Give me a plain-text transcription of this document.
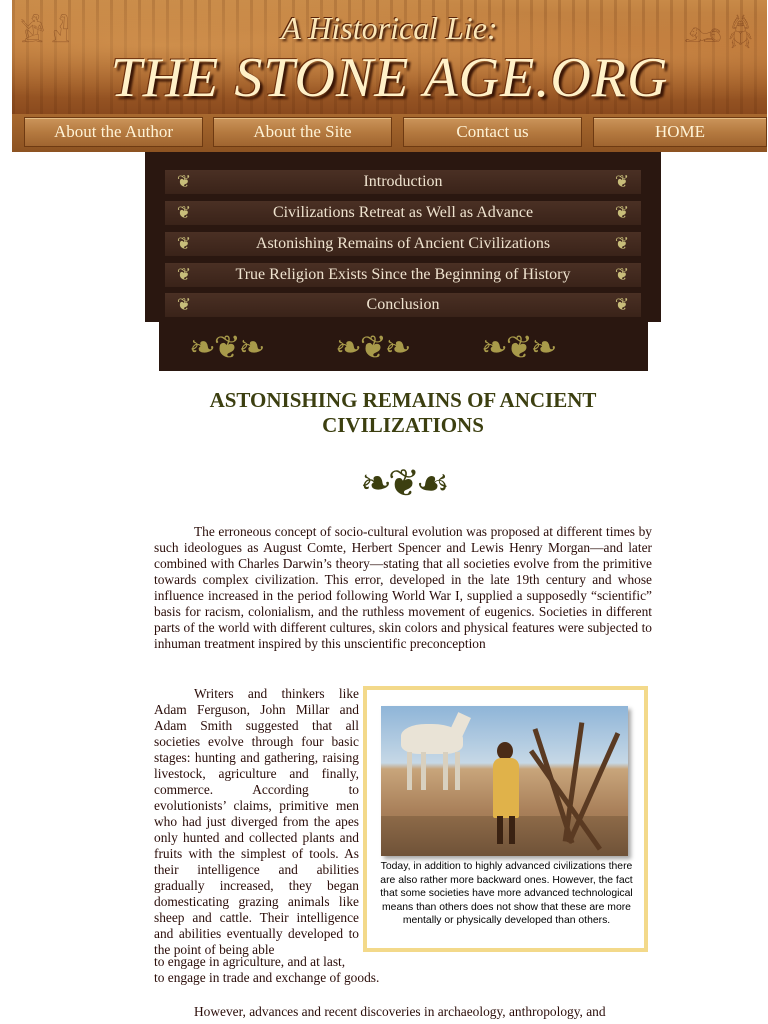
𓀀𓁐	𓃭𓆣
A Historical Lie:
THE STONE AGE.ORG
About the Author	About the Site	Contact us	HOME
❦	Introduction	❦
❦	Civilizations Retreat as Well as Advance	❦
❦	Astonishing Remains of Ancient Civilizations	❦
❦	True Religion Exists Since the Beginning of History	❦
❦	Conclusion	❦
❧❦❧ ❧❦❧ ❧❦❧
ASTONISHING REMAINS OF ANCIENT
CIVILIZATIONS
❧❦☙

The erroneous concept of socio-cultural evolution was proposed at different times by such ideologues as August Comte, Herbert Spencer and Lewis Henry Morgan—and later combined with Charles Darwin’s theory—stating that all societies evolve from the primitive towards complex civilization. This error, developed in the late 19th century and whose influence increased in the period following World War I, supplied a supposedly “scientific” basis for racism, colonialism, and the ruthless movement of eugenics. Societies in different parts of the world with different cultures, skin colors and physical features were subjected to inhuman treatment inspired by this unscientific preconception

Writers and thinkers like Adam Ferguson, John Millar and Adam Smith suggested that all societies evolve through four basic stages: hunting and gathering, raising livestock, agriculture and finally, commerce. According to evolutionists’ claims, primitive men who had just diverged from the apes only hunted and collected plants and fruits with the simplest of tools. As their intelligence and abilities gradually increased, they began domesticating grazing animals like sheep and cattle. Their intelligence and abilities eventually developed to the point of being able

to engage in agriculture, and at last,

to engage in trade and exchange of goods.

Today, in addition to highly advanced civilizations there are also rather more backward ones. However, the fact that some societies have more advanced technological means than others does not show that these are more mentally or physically developed than others.

However, advances and recent discoveries in archaeology, anthropology, and
